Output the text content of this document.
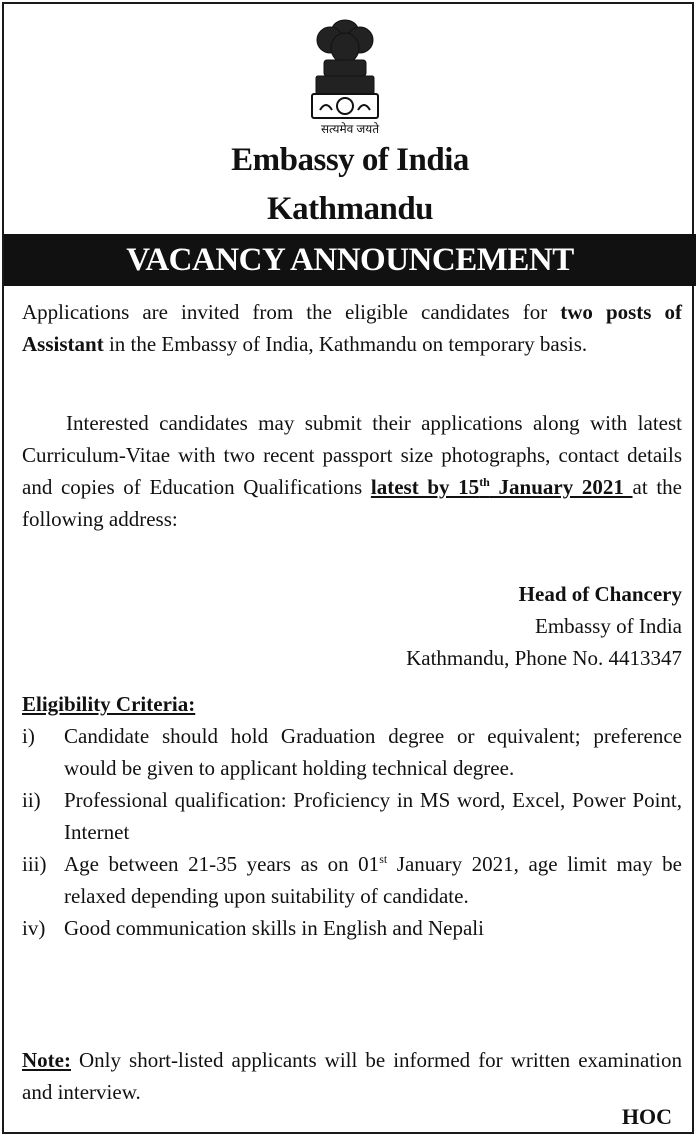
सत्यमेव जयते
Embassy of India
Kathmandu
VACANCY ANNOUNCEMENT
Applications are invited from the eligible candidates for two posts of Assistant in the Embassy of India, Kathmandu on temporary basis.
Interested candidates may submit their applications along with latest Curriculum-Vitae with two recent passport size photographs, contact details and copies of Education Qualifications latest by 15th January 2021 at the following address:
Head of Chancery
Embassy of India
Kathmandu, Phone No. 4413347
Eligibility Criteria:
i)	Candidate should hold Graduation degree or equivalent; preference would be given to applicant holding technical degree.
ii)	Professional qualification: Proficiency in MS word, Excel, Power Point, Internet
iii) Age between 21-35 years as on 01st January 2021, age limit may be relaxed depending upon suitability of candidate.
iv) Good communication skills in English and Nepali
Note: Only short-listed applicants will be informed for written examination and interview.
HOC
